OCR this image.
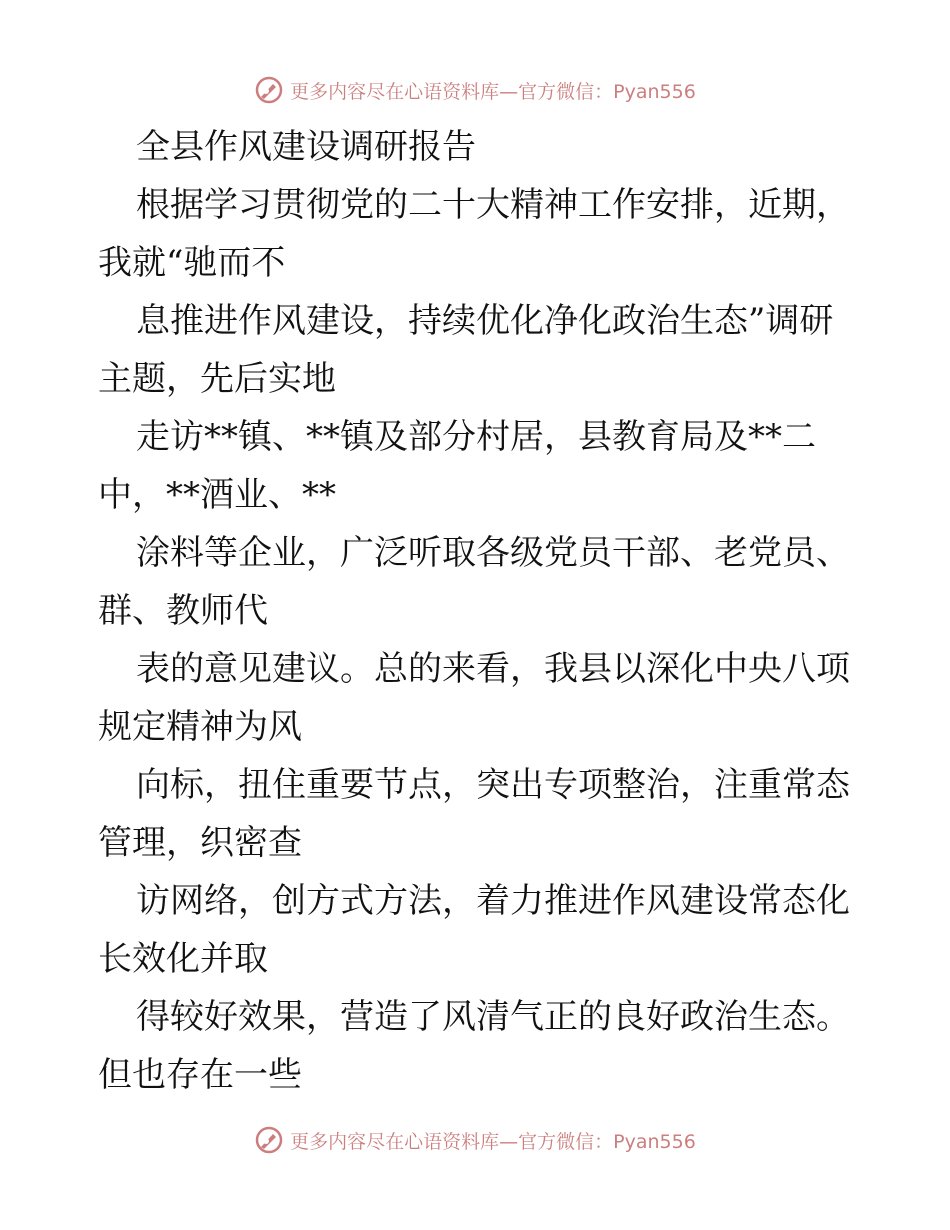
更多内容尽在心语资料库—官方微信：Pyan556
全县作风建设调研报告
根据学习贯彻党的二十大精神工作安排，近期，
我就“驰而不
息推进作风建设，持续优化净化政治生态”调研
主题，先后实地
走访**镇、**镇及部分村居，县教育局及**二
中，**酒业、**
涂料等企业，广泛听取各级党员干部、老党员、
群、教师代
表的意见建议。总的来看，我县以深化中央八项
规定精神为风
向标，扭住重要节点，突出专项整治，注重常态
管理，织密查
访网络，创方式方法，着力推进作风建设常态化
长效化并取
得较好效果，营造了风清气正的良好政治生态。
但也存在一些
更多内容尽在心语资料库—官方微信：Pyan556
